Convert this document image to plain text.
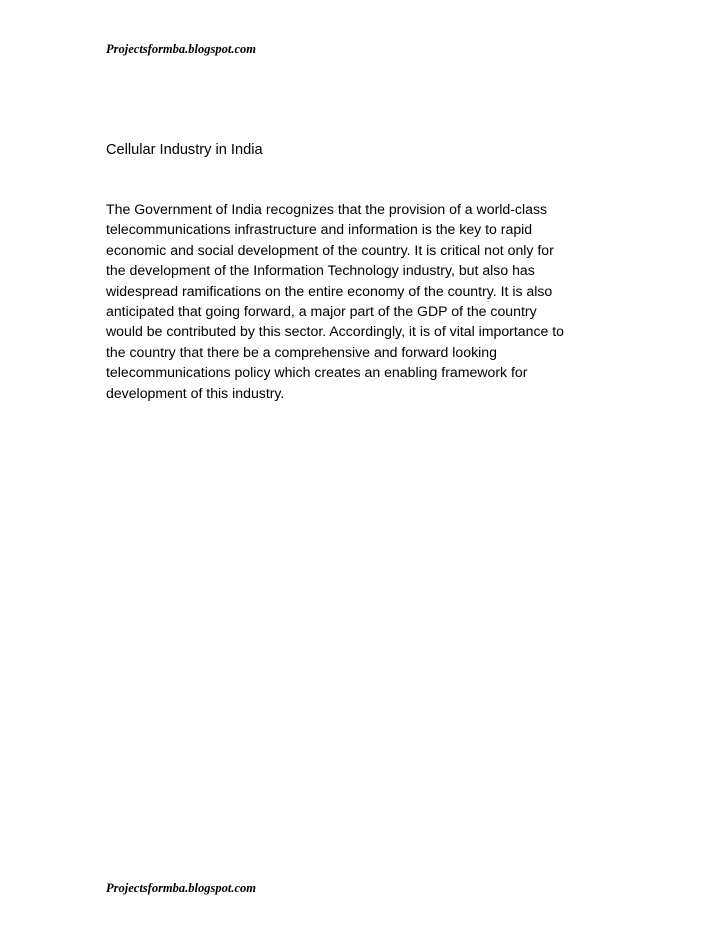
Projectsformba.blogspot.com
Cellular Industry in India
The Government of India recognizes that the provision of a world-class
telecommunications infrastructure and information is the key to rapid
economic and social development of the country. It is critical not only for
the development of the Information Technology industry, but also has
widespread ramifications on the entire economy of the country. It is also
anticipated that going forward, a major part of the GDP of the country
would be contributed by this sector. Accordingly, it is of vital importance to
the country that there be a comprehensive and forward looking
telecommunications policy which creates an enabling framework for
development of this industry.
Projectsformba.blogspot.com
